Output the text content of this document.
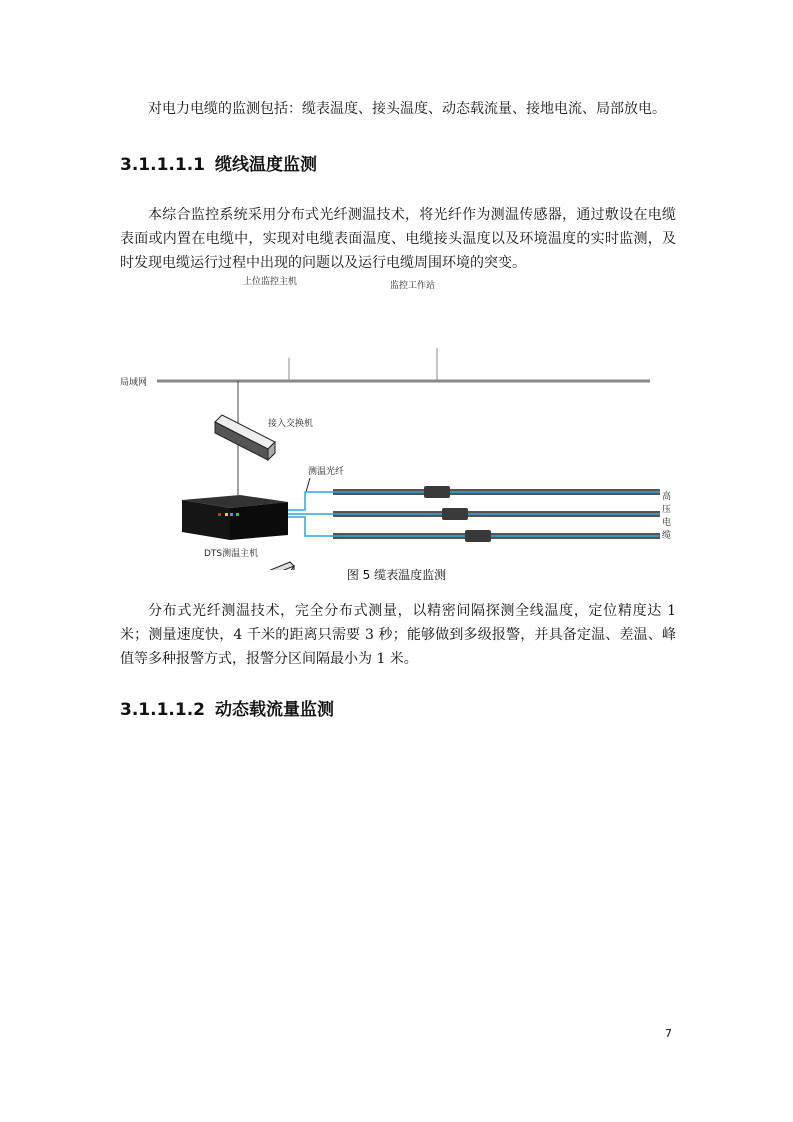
对电力电缆的监测包括：缆表温度、接头温度、动态载流量、接地电流、局部放电。

3.1.1.1.1 缆线温度监测

本综合监控系统采用分布式光纤测温技术，将光纤作为测温传感器，通过敷设在电缆表面或内置在电缆中，实现对电缆表面温度、电缆接头温度以及环境温度的实时监测，及时发现电缆运行过程中出现的问题以及运行电缆周围环境的突变。

上位监控主机	监控工作站
局域网
接入交换机
DTS测温主机
测温光纤
高
压
电
缆
图 5 缆表温度监测

分布式光纤测温技术，完全分布式测量，以精密间隔探测全线温度，定位精度达 1 米；测量速度快，4 千米的距离只需要 3 秒；能够做到多级报警，并具备定温、差温、峰值等多种报警方式，报警分区间隔最小为 1 米。

3.1.1.1.2 动态载流量监测
7
